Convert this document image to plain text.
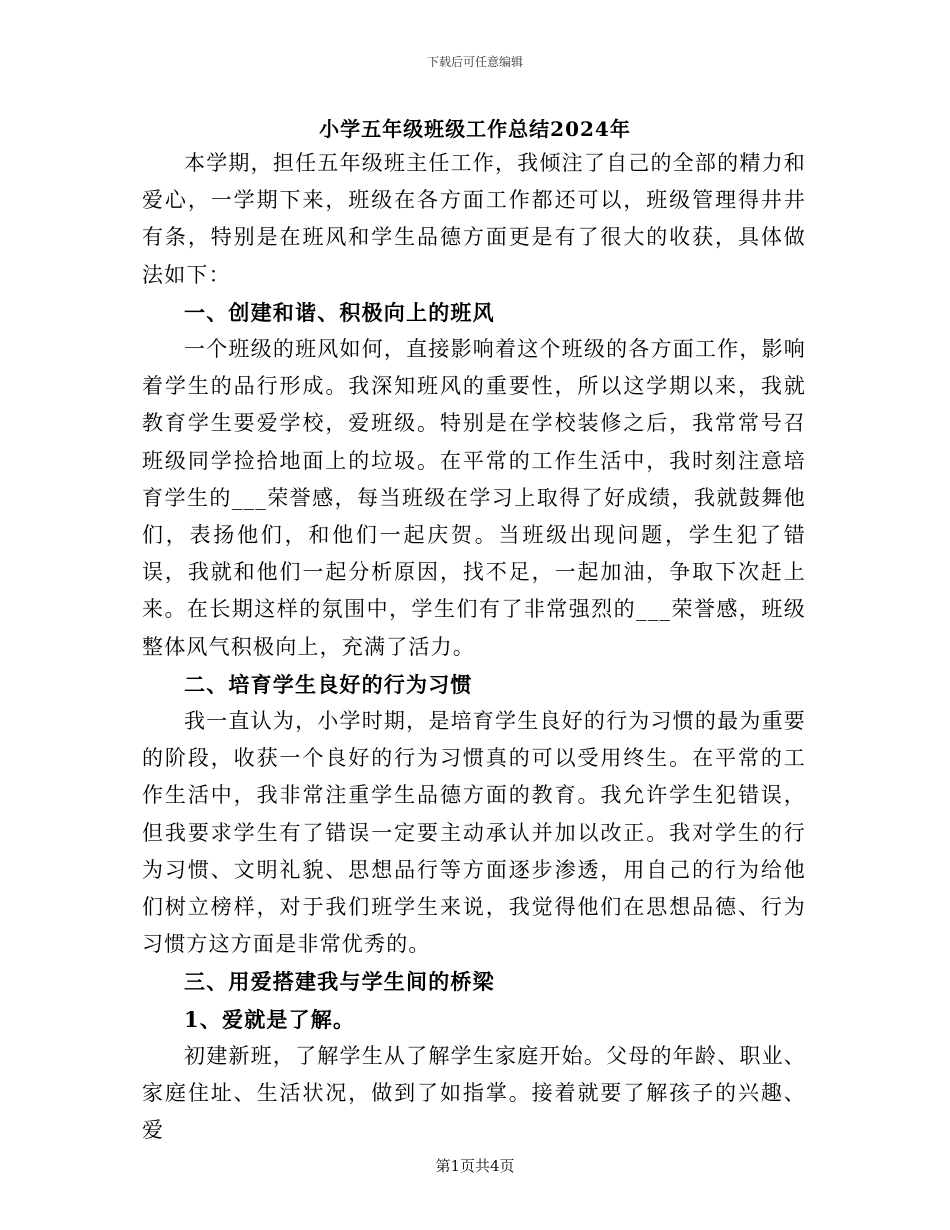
下载后可任意编辑
小学五年级班级工作总结2024年

本学期，担任五年级班主任工作，我倾注了自己的全部的精力和爱心，一学期下来，班级在各方面工作都还可以，班级管理得井井有条，特别是在班风和学生品德方面更是有了很大的收获，具体做法如下：

一、创建和谐、积极向上的班风

一个班级的班风如何，直接影响着这个班级的各方面工作，影响着学生的品行形成。我深知班风的重要性，所以这学期以来，我就教育学生要爱学校，爱班级。特别是在学校装修之后，我常常号召班级同学捡拾地面上的垃圾。在平常的工作生活中，我时刻注意培育学生的___荣誉感，每当班级在学习上取得了好成绩，我就鼓舞他们，表扬他们，和他们一起庆贺。当班级出现问题，学生犯了错误，我就和他们一起分析原因，找不足，一起加油，争取下次赶上来。在长期这样的氛围中，学生们有了非常强烈的___荣誉感，班级整体风气积极向上，充满了活力。

二、培育学生良好的行为习惯

我一直认为，小学时期，是培育学生良好的行为习惯的最为重要的阶段，收获一个良好的行为习惯真的可以受用终生。在平常的工作生活中，我非常注重学生品德方面的教育。我允许学生犯错误，但我要求学生有了错误一定要主动承认并加以改正。我对学生的行为习惯、文明礼貌、思想品行等方面逐步渗透，用自己的行为给他们树立榜样，对于我们班学生来说，我觉得他们在思想品德、行为习惯方这方面是非常优秀的。

三、用爱搭建我与学生间的桥梁

1、爱就是了解。

初建新班，了解学生从了解学生家庭开始。父母的年龄、职业、家庭住址、生活状况，做到了如指掌。接着就要了解孩子的兴趣、爱

第1页共4页
